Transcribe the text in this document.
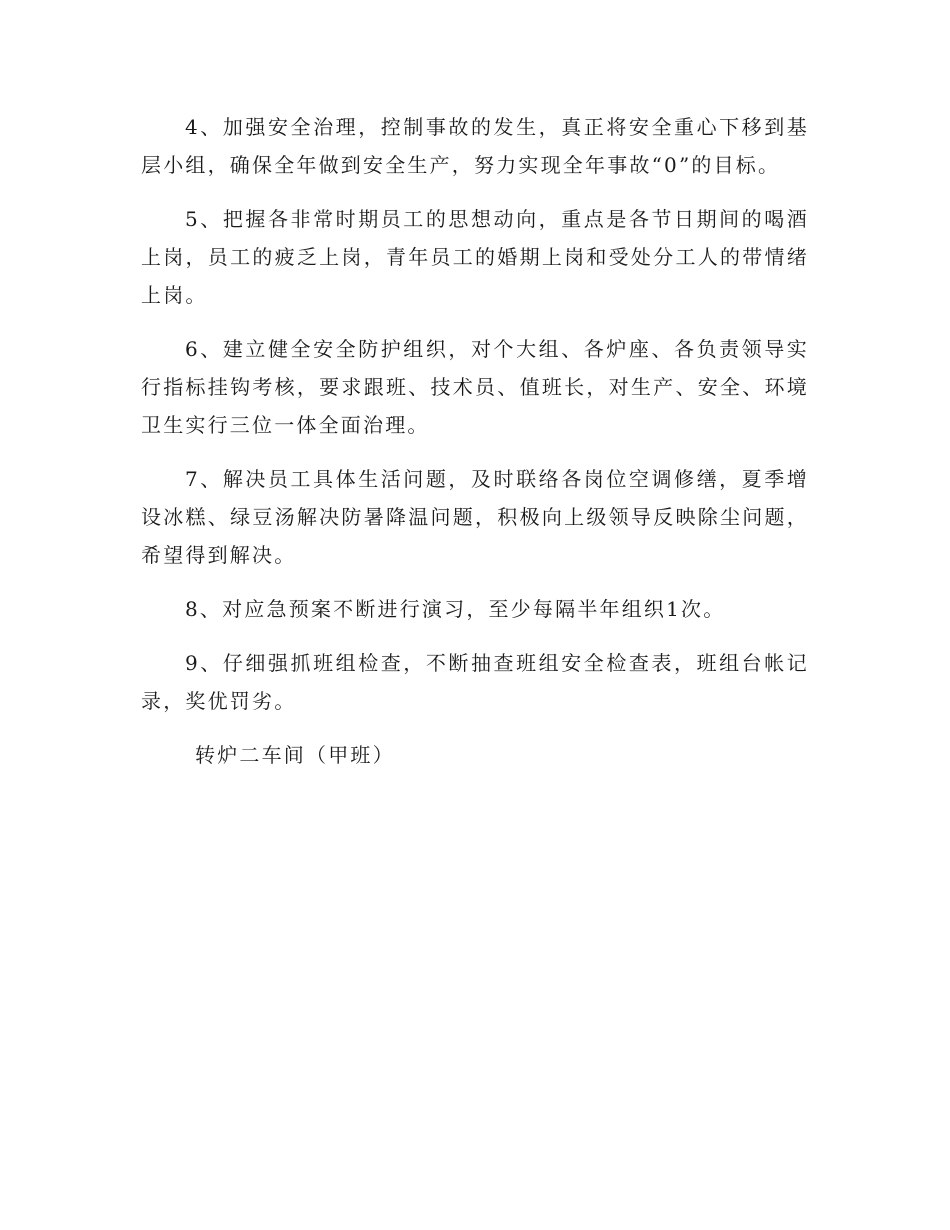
4、加强安全治理，控制事故的发生，真正将安全重心下移到基层小组，确保全年做到安全生产，努力实现全年事故“0”的目标。

5、把握各非常时期员工的思想动向，重点是各节日期间的喝酒上岗，员工的疲乏上岗，青年员工的婚期上岗和受处分工人的带情绪上岗。

6、建立健全安全防护组织，对个大组、各炉座、各负责领导实行指标挂钩考核，要求跟班、技术员、值班长，对生产、安全、环境卫生实行三位一体全面治理。

7、解决员工具体生活问题，及时联络各岗位空调修缮，夏季增设冰糕、绿豆汤解决防暑降温问题，积极向上级领导反映除尘问题，希望得到解决。

8、对应急预案不断进行演习，至少每隔半年组织1次。

9、仔细强抓班组检查，不断抽查班组安全检查表，班组台帐记录，奖优罚劣。

转炉二车间（甲班）
